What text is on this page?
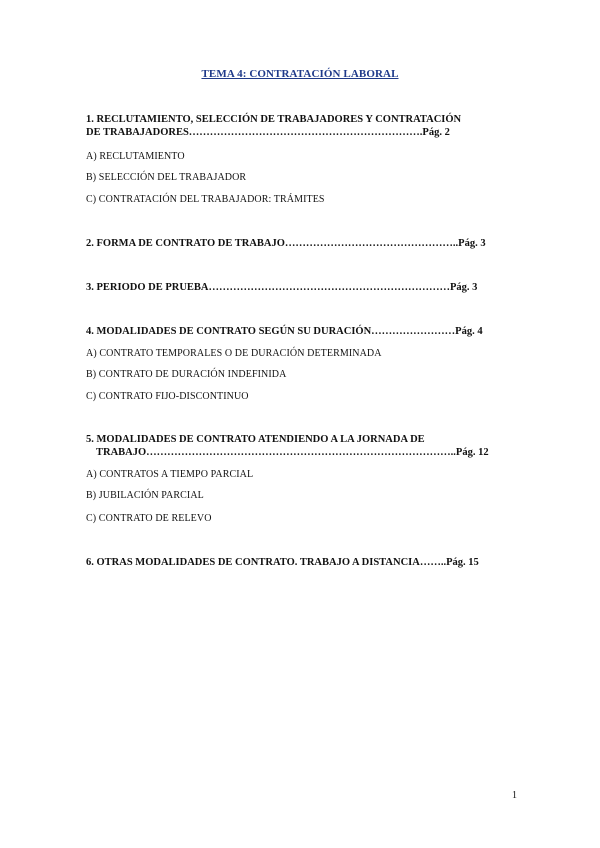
TEMA 4: CONTRATACIÓN LABORAL
1. RECLUTAMIENTO, SELECCIÓN DE TRABAJADORES Y CONTRATACIÓN
DE TRABAJADORES………………………………………………………….Pág. 2
A) RECLUTAMIENTO
B) SELECCIÓN DEL TRABAJADOR
C) CONTRATACIÓN DEL TRABAJADOR: TRÁMITES
2. FORMA DE CONTRATO DE TRABAJO…………………………………………..Pág. 3
3. PERIODO DE PRUEBA……………………………………………………………Pág. 3
4. MODALIDADES DE CONTRATO SEGÚN SU DURACIÓN……………………Pág. 4
A) CONTRATO TEMPORALES O DE DURACIÓN DETERMINADA
B) CONTRATO DE DURACIÓN INDEFINIDA
C) CONTRATO FIJO-DISCONTINUO
5. MODALIDADES DE CONTRATO ATENDIENDO A LA JORNADA DE
TRABAJO……………………………………………………………………………..Pág. 12
A) CONTRATOS A TIEMPO PARCIAL
B) JUBILACIÓN PARCIAL
C) CONTRATO DE RELEVO
6. OTRAS MODALIDADES DE CONTRATO. TRABAJO A DISTANCIA……..Pág. 15
1
